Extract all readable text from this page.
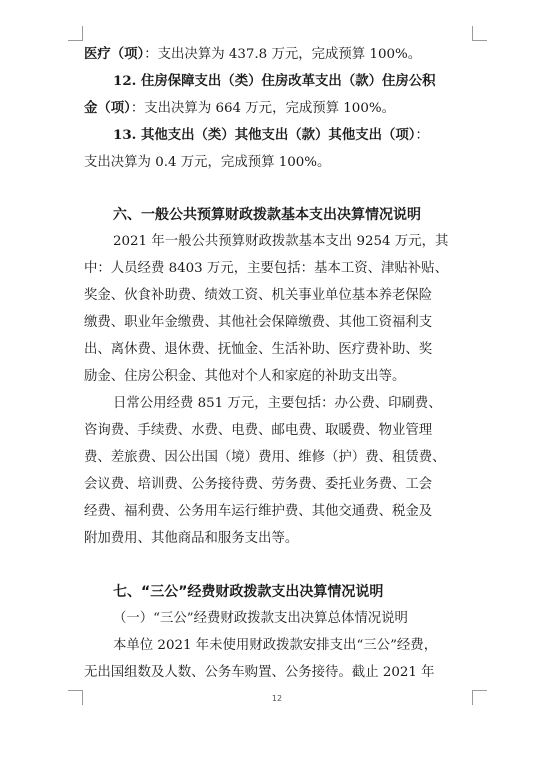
医疗（项）：支出决算为 437.8 万元，完成预算 100%。
12. 住房保障支出（类）住房改革支出（款）住房公积
金（项）：支出决算为 664 万元，完成预算 100%。
13. 其他支出（类）其他支出（款）其他支出（项）：
支出决算为 0.4 万元，完成预算 100%。
六、一般公共预算财政拨款基本支出决算情况说明
2021 年一般公共预算财政拨款基本支出 9254 万元，其
中：人员经费 8403 万元，主要包括：基本工资、津贴补贴、
奖金、伙食补助费、绩效工资、机关事业单位基本养老保险
缴费、职业年金缴费、其他社会保障缴费、其他工资福利支
出、离休费、退休费、抚恤金、生活补助、医疗费补助、奖
励金、住房公积金、其他对个人和家庭的补助支出等。
日常公用经费 851 万元，主要包括：办公费、印刷费、
咨询费、手续费、水费、电费、邮电费、取暖费、物业管理
费、差旅费、因公出国（境）费用、维修（护）费、租赁费、
会议费、培训费、公务接待费、劳务费、委托业务费、工会
经费、福利费、公务用车运行维护费、其他交通费、税金及
附加费用、其他商品和服务支出等。
七、“三公”经费财政拨款支出决算情况说明
（一）“三公”经费财政拨款支出决算总体情况说明
本单位 2021 年未使用财政拨款安排支出“三公”经费，
无出国组数及人数、公务车购置、公务接待。截止 2021 年
12
